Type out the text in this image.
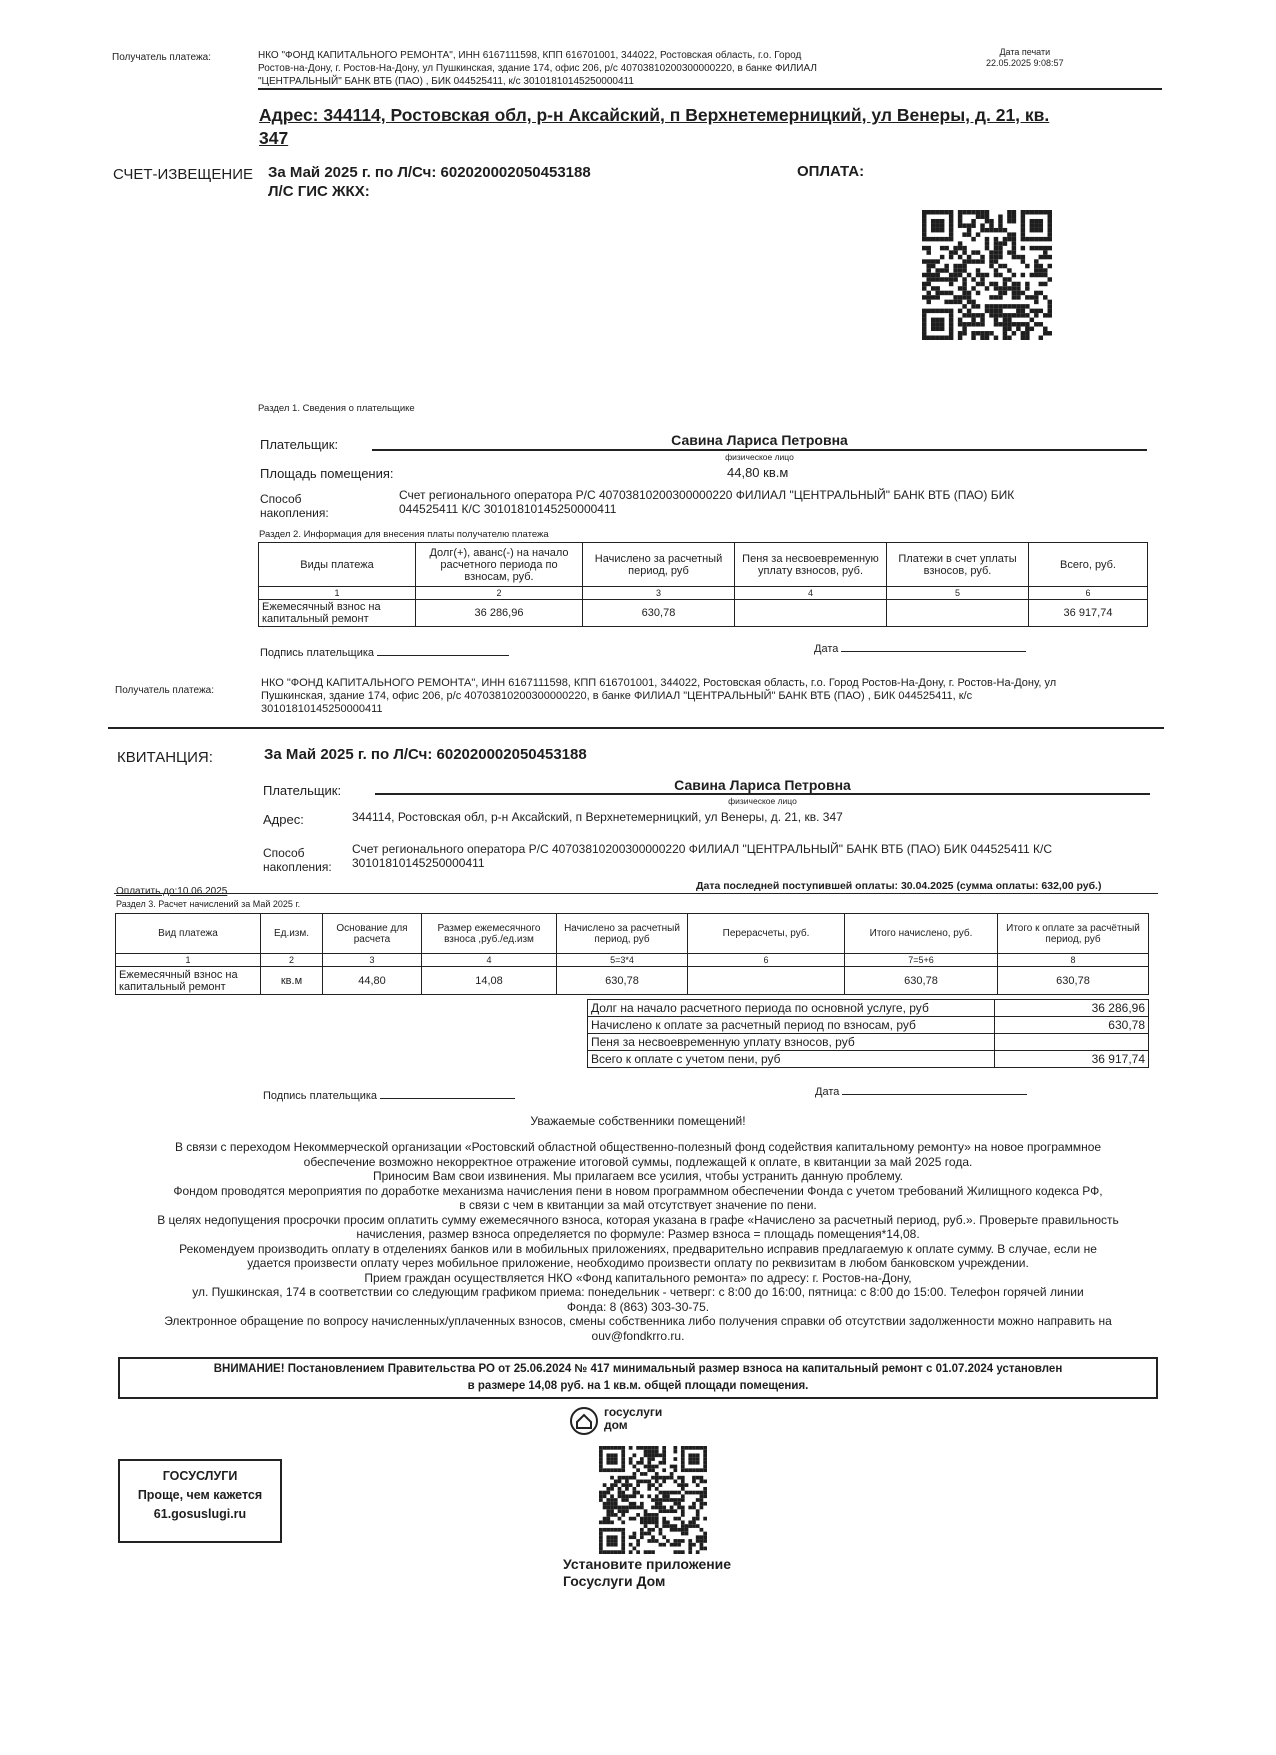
Получатель платежа:	НКО "ФОНД КАПИТАЛЬНОГО РЕМОНТА", ИНН 6167111598, КПП 616701001, 344022, Ростовская область, г.о. Город
Ростов-на-Дону, г. Ростов-На-Дону, ул Пушкинская, здание 174, офис 206, р/с 40703810200300000220, в банке ФИЛИАЛ
"ЦЕНТРАЛЬНЫЙ" БАНК ВТБ (ПАО) , БИК 044525411, к/с 30101810145250000411
Дата печати
22.05.2025 9:08:57
Адрес: 344114, Ростовская обл, р-н Аксайский, п Верхнетемерницкий, ул Венеры, д. 21, кв.
347
СЧЕТ-ИЗВЕЩЕНИЕ За Май 2025 г. по Л/Сч: 602020002050453188
Л/С ГИС ЖКХ:
ОПЛАТА:
Раздел 1. Сведения о плательщике
Плательщик:	Савина Лариса Петровна
физическое лицо
Площадь помещения:	44,80 кв.м
Способ
накопления:
Счет регионального оператора Р/С 40703810200300000220 ФИЛИАЛ "ЦЕНТРАЛЬНЫЙ" БАНК ВТБ (ПАО) БИК
044525411 К/С 30101810145250000411
Раздел 2. Информация для внесения платы получателю платежа
Виды платежа	Долг(+), аванс(-) на начало расчетного периода по взносам, руб.	Начислено за расчетный период, руб	Пеня за несвоевременную уплату взносов, руб.	Платежи в счет уплаты взносов, руб.	Всего, руб.
1	2	3	4	5	6
Ежемесячный взнос на капитальный ремонт	36 286,96	630,78			36 917,74
Подпись плательщика	Дата
Получатель платежа:
НКО "ФОНД КАПИТАЛЬНОГО РЕМОНТА", ИНН 6167111598, КПП 616701001, 344022, Ростовская область, г.о. Город Ростов-На-Дону, г. Ростов-На-Дону, ул
Пушкинская, здание 174, офис 206, р/с 40703810200300000220, в банке ФИЛИАЛ "ЦЕНТРАЛЬНЫЙ" БАНК ВТБ (ПАО) , БИК 044525411, к/с
30101810145250000411
КВИТАНЦИЯ:	За Май 2025 г. по Л/Сч: 602020002050453188
Плательщик:	Савина Лариса Петровна
физическое лицо
Адрес:	344114, Ростовская обл, р-н Аксайский, п Верхнетемерницкий, ул Венеры, д. 21, кв. 347
Способ
накопления:
Счет регионального оператора Р/С 40703810200300000220 ФИЛИАЛ "ЦЕНТРАЛЬНЫЙ" БАНК ВТБ (ПАО) БИК 044525411 К/С
30101810145250000411
Оплатить до:10.06.2025	Дата последней поступившей оплаты: 30.04.2025 (сумма оплаты: 632,00 руб.)
Раздел 3. Расчет начислений за Май 2025 г.
Вид платежа	Ед.изм.	Основание для расчета	Размер ежемесячного взноса ,руб./ед.изм	Начислено за расчетный период, руб	Перерасчеты, руб.	Итого начислено, руб.	Итого к оплате за расчётный период, руб
1	2	3	4	5=3*4	6	7=5+6	8
Ежемесячный взнос на капитальный ремонт	кв.м	44,80	14,08	630,78		630,78	630,78
Долг на начало расчетного периода по основной услуге, руб	36 286,96
Начислено к оплате за расчетный период по взносам, руб	630,78
Пеня за несвоевременную уплату взносов, руб	
Всего к оплате с учетом пени, руб	36 917,74
Подпись плательщика	Дата
Уважаемые собственники помещений!

В связи с переходом Некоммерческой организации «Ростовский областной общественно-полезный фонд содействия капитальному ремонту» на новое программное

обеспечение возможно некорректное отражение итоговой суммы, подлежащей к оплате, в квитанции за май 2025 года.

Приносим Вам свои извинения. Мы прилагаем все усилия, чтобы устранить данную проблему.

Фондом проводятся мероприятия по доработке механизма начисления пени в новом программном обеспечении Фонда с учетом требований Жилищного кодекса РФ,

в связи с чем в квитанции за май отсутствует значение по пени.

В целях недопущения просрочки просим оплатить сумму ежемесячного взноса, которая указана в графе «Начислено за расчетный период, руб.». Проверьте правильность

начисления, размер взноса определяется по формуле: Размер взноса = площадь помещения*14,08.

Рекомендуем производить оплату в отделениях банков или в мобильных приложениях, предварительно исправив предлагаемую к оплате сумму. В случае, если не

удается произвести оплату через мобильное приложение, необходимо произвести оплату по реквизитам в любом банковском учреждении.

Прием граждан осуществляется НКО «Фонд капитального ремонта» по адресу: г. Ростов-на-Дону,

ул. Пушкинская, 174 в соответствии со следующим графиком приема: понедельник - четверг: с 8:00 до 16:00, пятница: с 8:00 до 15:00. Телефон горячей линии

Фонда: 8 (863) 303-30-75.

Электронное обращение по вопросу начисленных/уплаченных взносов, смены собственника либо получения справки об отсутствии задолженности можно направить на

ouv@fondkrro.ru.

ВНИМАНИЕ! Постановлением Правительства РО от 25.06.2024 № 417 минимальный размер взноса на капитальный ремонт с 01.07.2024 установлен
в размере 14,08 руб. на 1 кв.м. общей площади помещения.
госуслуги
дом
Установите приложение
Госуслуги Дом
ГОСУСЛУГИ
Проще, чем кажется
61.gosuslugi.ru
